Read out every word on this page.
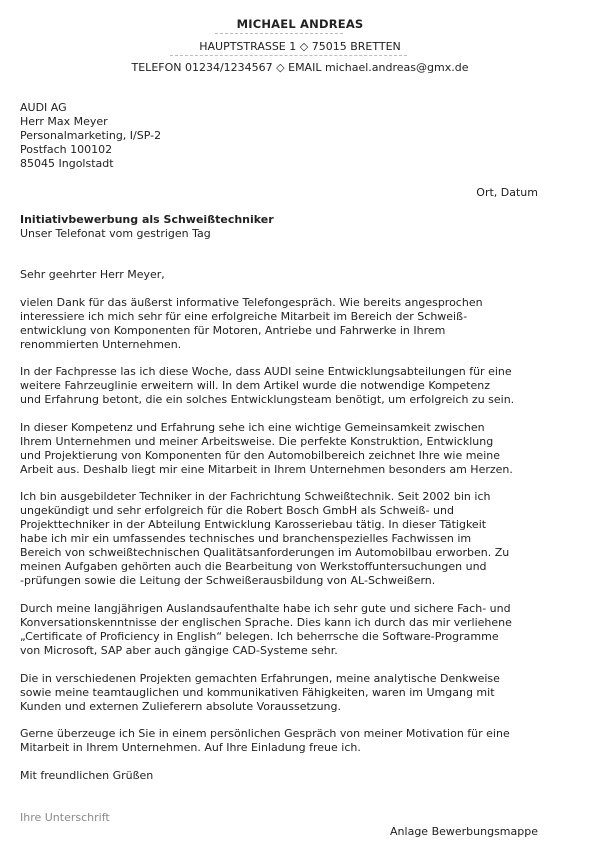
MICHAEL ANDREAS
HAUPTSTRASSE 1 ◇ 75015 BRETTEN
TELEFON 01234/1234567 ◇ EMAIL michael.andreas@gmx.de
AUDI AG
Herr Max Meyer
Personalmarketing, I/SP-2
Postfach 100102
85045 Ingolstadt
Ort, Datum
Initiativbewerbung als Schweißtechniker
Unser Telefonat vom gestrigen Tag
Sehr geehrter Herr Meyer,
vielen Dank für das äußerst informative Telefongespräch. Wie bereits angesprochen
interessiere ich mich sehr für eine erfolgreiche Mitarbeit im Bereich der Schweiß-
entwicklung von Komponenten für Motoren, Antriebe und Fahrwerke in Ihrem
renommierten Unternehmen.
In der Fachpresse las ich diese Woche, dass AUDI seine Entwicklungsabteilungen für eine
weitere Fahrzeuglinie erweitern will. In dem Artikel wurde die notwendige Kompetenz
und Erfahrung betont, die ein solches Entwicklungsteam benötigt, um erfolgreich zu sein.
In dieser Kompetenz und Erfahrung sehe ich eine wichtige Gemeinsamkeit zwischen
Ihrem Unternehmen und meiner Arbeitsweise. Die perfekte Konstruktion, Entwicklung
und Projektierung von Komponenten für den Automobilbereich zeichnet Ihre wie meine
Arbeit aus. Deshalb liegt mir eine Mitarbeit in Ihrem Unternehmen besonders am Herzen.
Ich bin ausgebildeter Techniker in der Fachrichtung Schweißtechnik. Seit 2002 bin ich
ungekündigt und sehr erfolgreich für die Robert Bosch GmbH als Schweiß- und
Projekttechniker in der Abteilung Entwicklung Karosseriebau tätig. In dieser Tätigkeit
habe ich mir ein umfassendes technisches und branchenspezielles Fachwissen im
Bereich von schweißtechnischen Qualitätsanforderungen im Automobilbau erworben. Zu
meinen Aufgaben gehörten auch die Bearbeitung von Werkstoffuntersuchungen und
-prüfungen sowie die Leitung der Schweißerausbildung von AL-Schweißern.
Durch meine langjährigen Auslandsaufenthalte habe ich sehr gute und sichere Fach- und
Konversationskenntnisse der englischen Sprache. Dies kann ich durch das mir verliehene
„Certificate of Proficiency in English“ belegen. Ich beherrsche die Software-Programme
von Microsoft, SAP aber auch gängige CAD-Systeme sehr.
Die in verschiedenen Projekten gemachten Erfahrungen, meine analytische Denkweise
sowie meine teamtauglichen und kommunikativen Fähigkeiten, waren im Umgang mit
Kunden und externen Zulieferern absolute Voraussetzung.
Gerne überzeuge ich Sie in einem persönlichen Gespräch von meiner Motivation für eine
Mitarbeit in Ihrem Unternehmen. Auf Ihre Einladung freue ich.
Mit freundlichen Grüßen
Ihre Unterschrift
Anlage Bewerbungsmappe
